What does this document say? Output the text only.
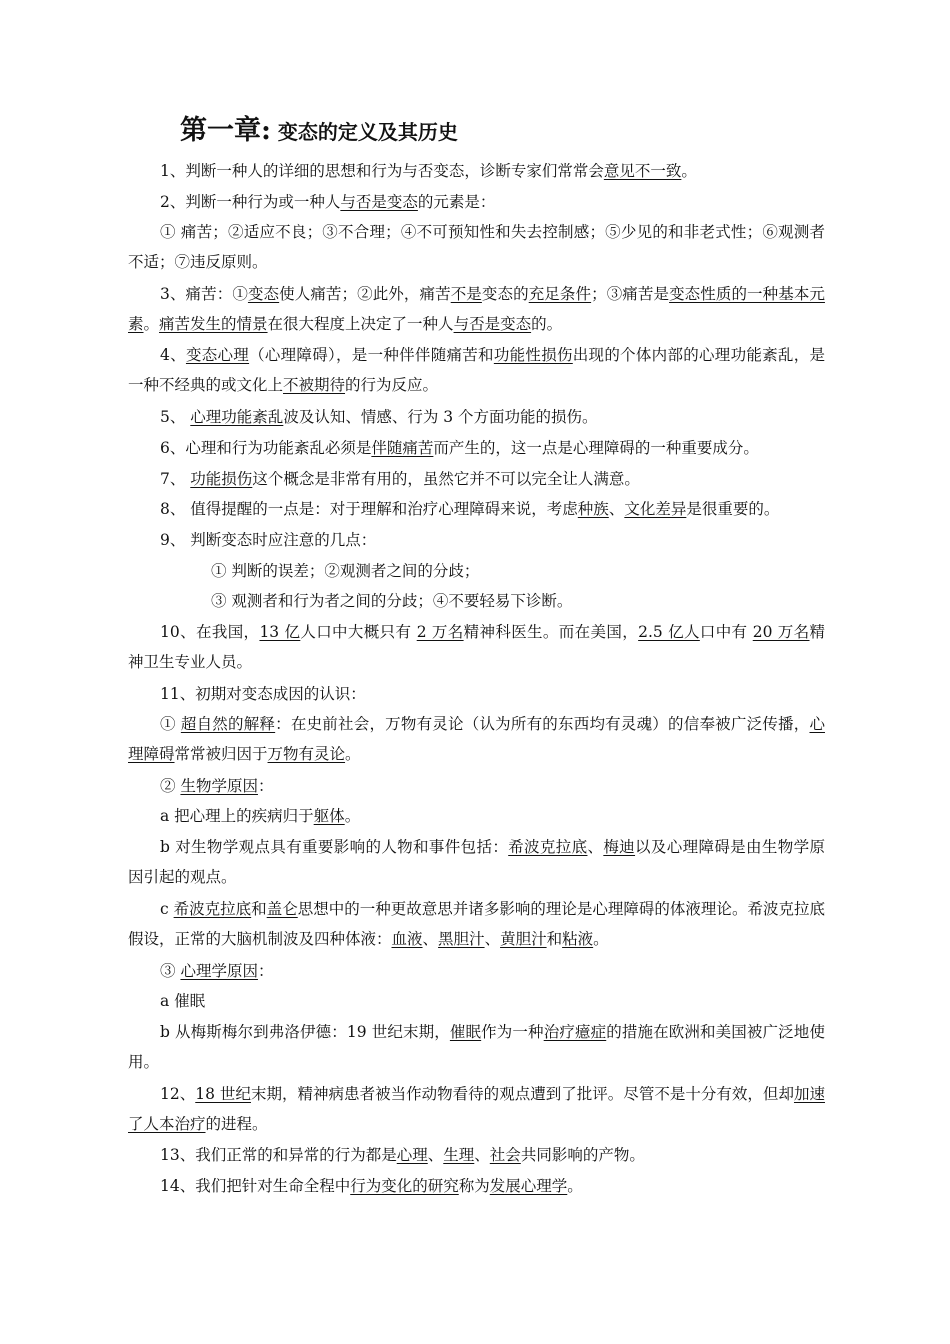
第一章: 变态的定义及其历史

1、判断一种人的详细的思想和行为与否变态，诊断专家们常常会意见不一致。

2、判断一种行为或一种人与否是变态的元素是：

① 痛苦；②适应不良；③不合理；④不可预知性和失去控制感；⑤少见的和非老式性；⑥观测者不适；⑦违反原则。

3、痛苦：①变态使人痛苦；②此外，痛苦不是变态的充足条件；③痛苦是变态性质的一种基本元素。痛苦发生的情景在很大程度上决定了一种人与否是变态的。

4、变态心理（心理障碍），是一种伴伴随痛苦和功能性损伤出现的个体内部的心理功能紊乱，是一种不经典的或文化上不被期待的行为反应。

5、 心理功能紊乱波及认知、情感、行为 3 个方面功能的损伤。

6、心理和行为功能紊乱必须是伴随痛苦而产生的，这一点是心理障碍的一种重要成分。

7、 功能损伤这个概念是非常有用的，虽然它并不可以完全让人满意。

8、 值得提醒的一点是：对于理解和治疗心理障碍来说，考虑种族、文化差异是很重要的。

9、 判断变态时应注意的几点：

① 判断的误差；②观测者之间的分歧；

③ 观测者和行为者之间的分歧；④不要轻易下诊断。

10、在我国，13 亿人口中大概只有 2 万名精神科医生。而在美国，2.5 亿人口中有 20 万名精神卫生专业人员。

11、初期对变态成因的认识：

① 超自然的解释：在史前社会，万物有灵论（认为所有的东西均有灵魂）的信奉被广泛传播，心理障碍常常被归因于万物有灵论。

② 生物学原因：

a 把心理上的疾病归于躯体。

b 对生物学观点具有重要影响的人物和事件包括：希波克拉底、梅迪以及心理障碍是由生物学原因引起的观点。

c 希波克拉底和盖仑思想中的一种更故意思并诸多影响的理论是心理障碍的体液理论。希波克拉底假设，正常的大脑机制波及四种体液：血液、黑胆汁、黄胆汁和粘液。

③ 心理学原因：

a 催眠

b 从梅斯梅尔到弗洛伊德：19 世纪末期，催眠作为一种治疗癔症的措施在欧洲和美国被广泛地使用。

12、18 世纪末期，精神病患者被当作动物看待的观点遭到了批评。尽管不是十分有效，但却加速了人本治疗的进程。

13、我们正常的和异常的行为都是心理、生理、社会共同影响的产物。

14、我们把针对生命全程中行为变化的研究称为发展心理学。
